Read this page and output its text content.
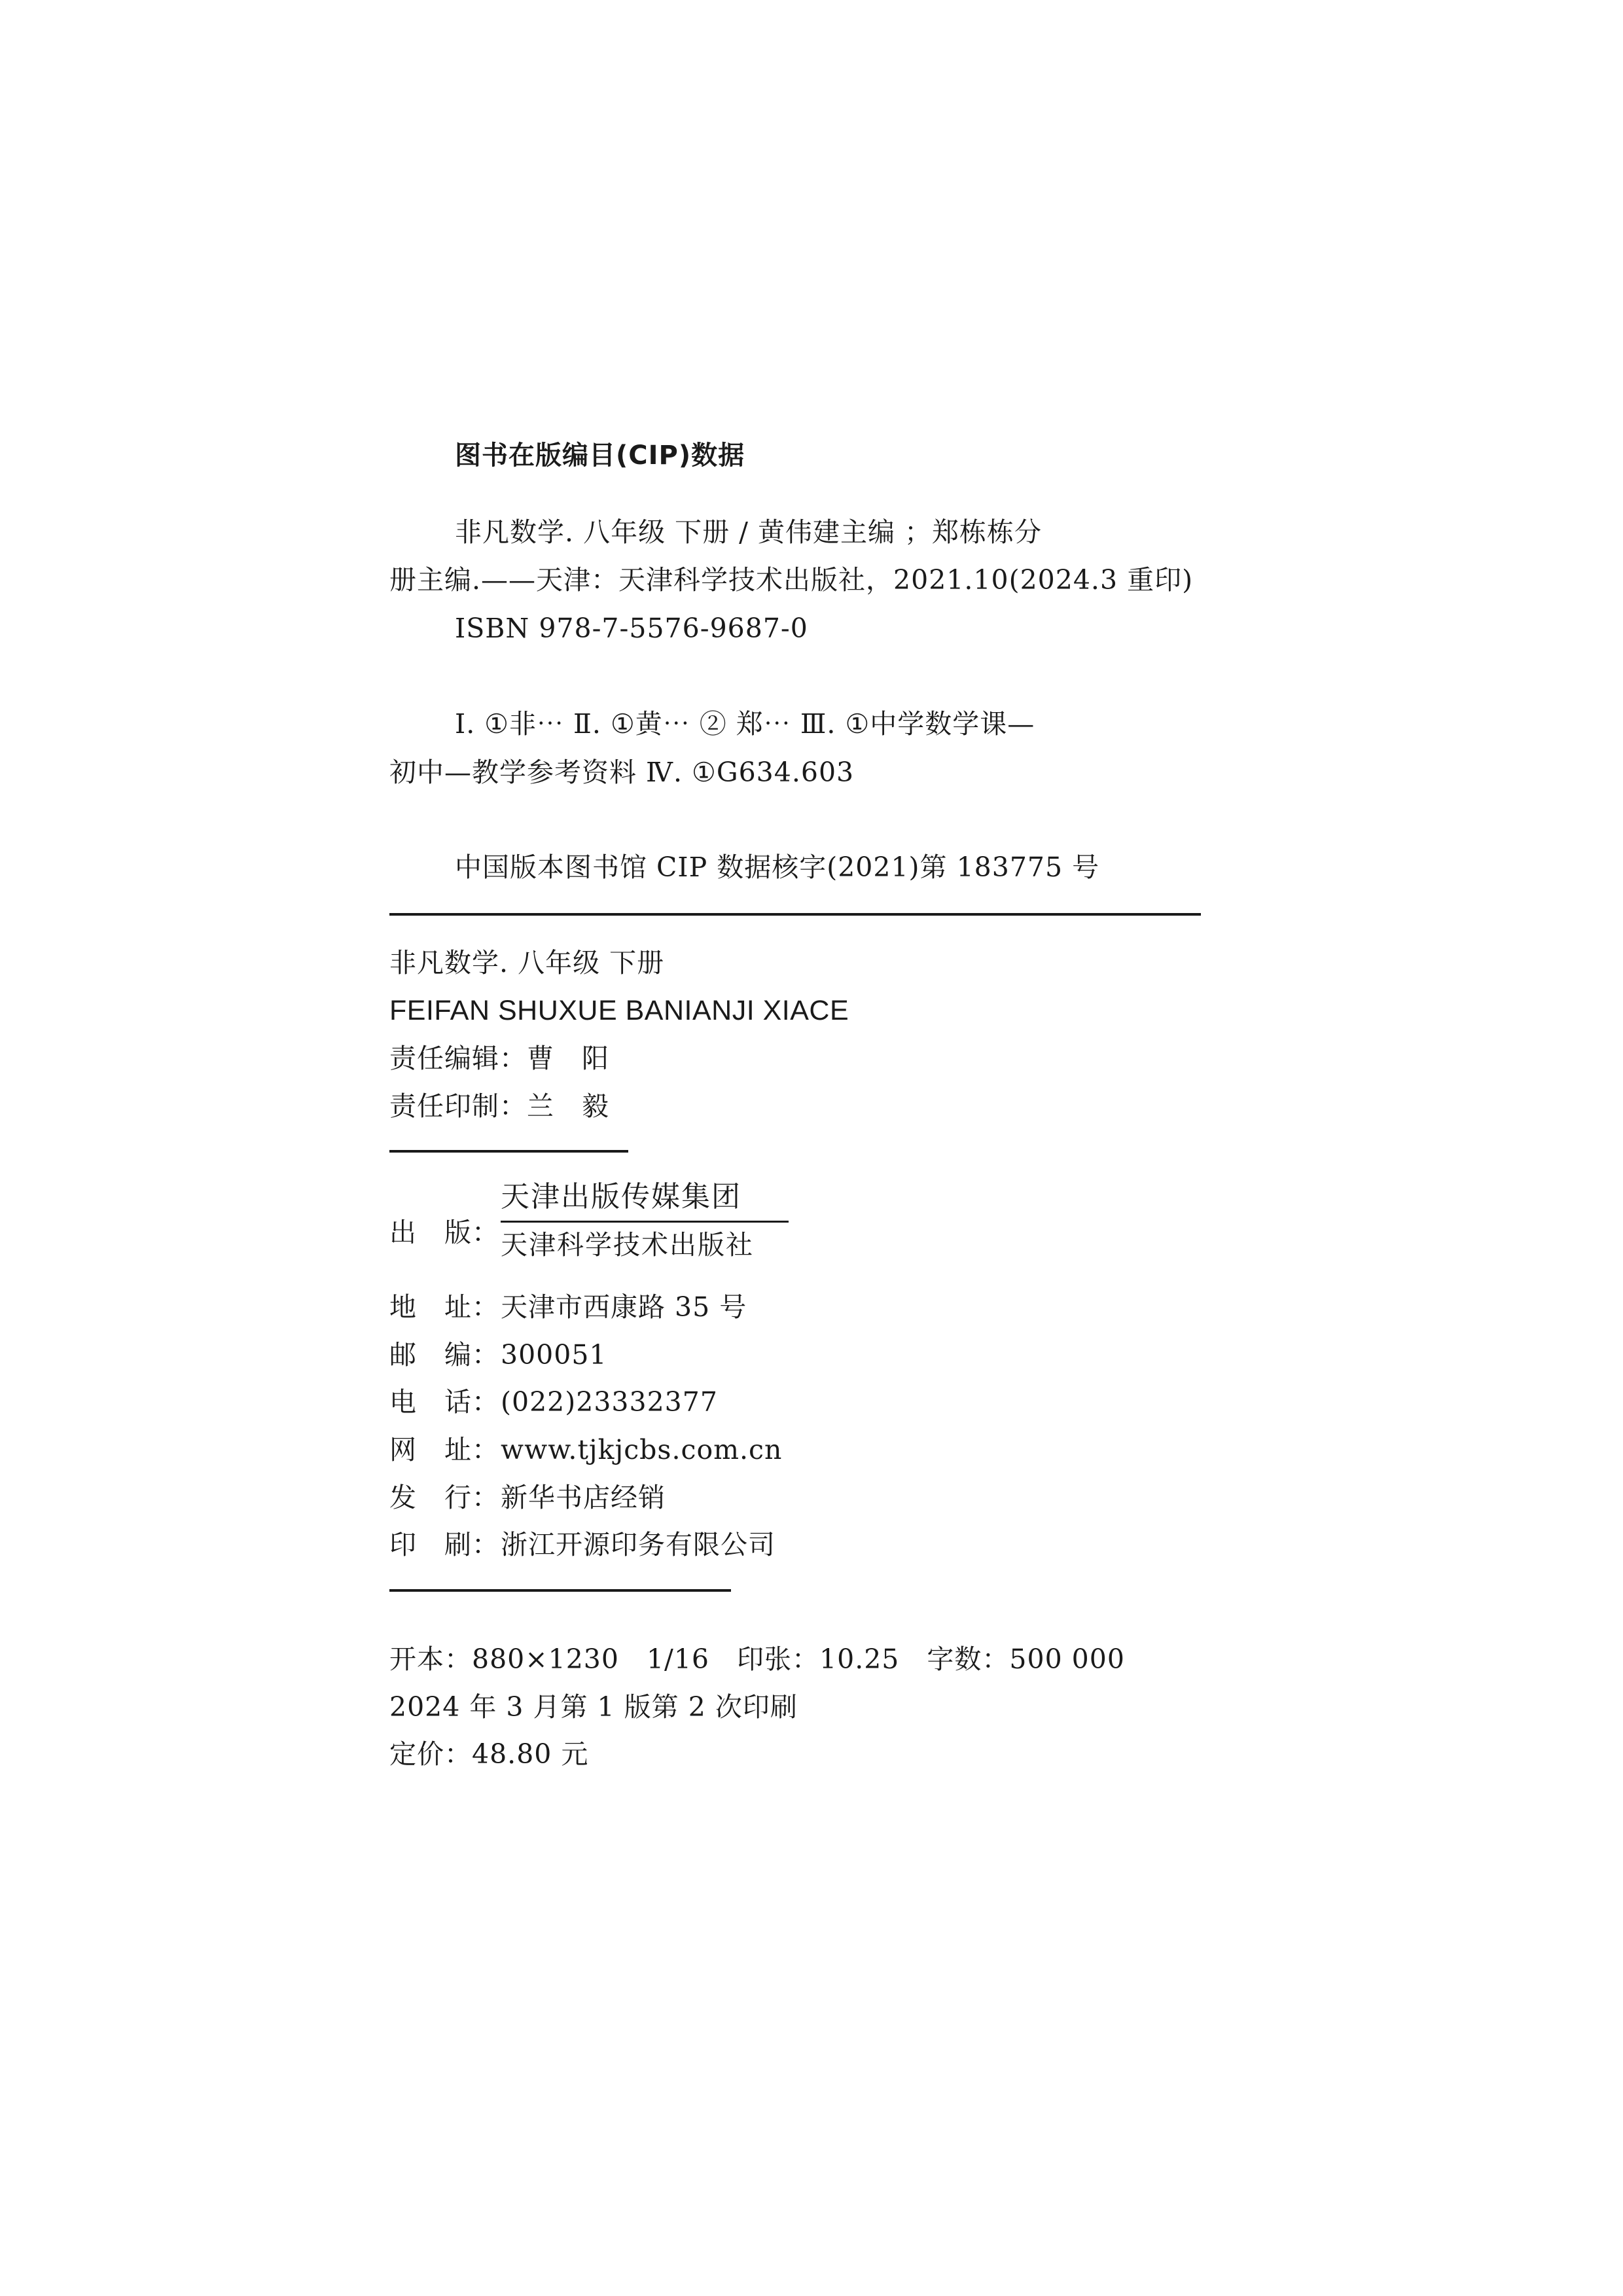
图书在版编目(CIP)数据
非凡数学. 八年级 下册 / 黄伟建主编 ；郑栋栋分
册主编.——天津：天津科学技术出版社，2021.10(2024.3 重印)
ISBN 978-7-5576-9687-0
Ⅰ. ①非⋯ Ⅱ. ①黄⋯ ② 郑⋯ Ⅲ. ①中学数学课—
初中—教学参考资料 Ⅳ. ①G634.603
中国版本图书馆 CIP 数据核字(2021)第 183775 号
非凡数学. 八年级 下册
FEIFAN SHUXUE BANIANJI XIACE
责任编辑：曹　阳
责任印制：兰　毅
出　版：
天津出版传媒集团
天津科学技术出版社
地　址：天津市西康路 35 号
邮　编：300051
电　话：(022)23332377
网　址：www.tjkjcbs.com.cn
发　行：新华书店经销
印　刷：浙江开源印务有限公司
开本：880×1230　1/16　印张：10.25　字数：500 000
2024 年 3 月第 1 版第 2 次印刷
定价：48.80 元
